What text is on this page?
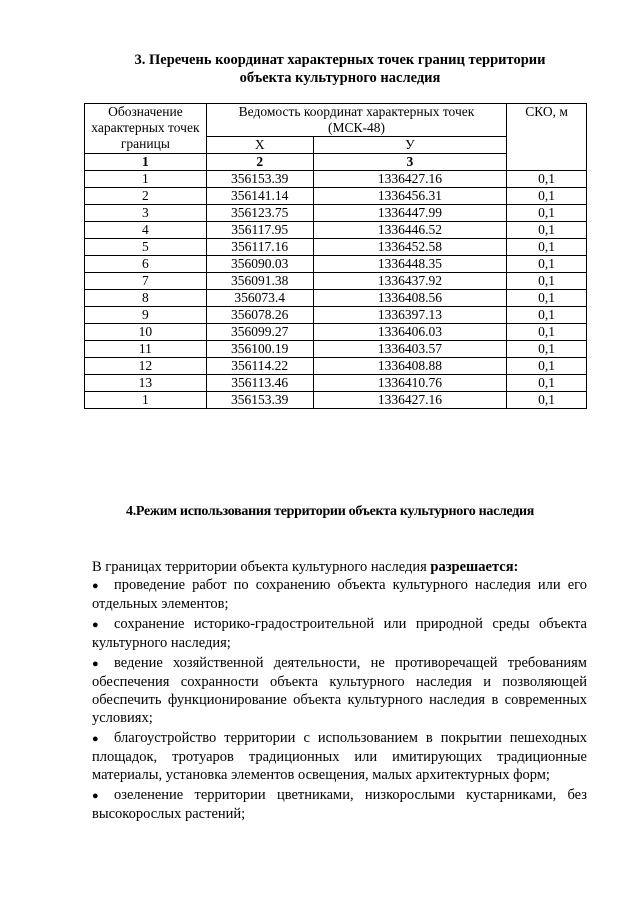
3. Перечень координат характерных точек границ территории
объекта культурного наследия
Обозначение характерных точек границы	Ведомость координат характерных точек (МСК-48)		СКО, м
	Х	У	
1	2	3	
1	356153.39	1336427.16	0,1
2	356141.14	1336456.31	0,1
3	356123.75	1336447.99	0,1
4	356117.95	1336446.52	0,1
5	356117.16	1336452.58	0,1
6	356090.03	1336448.35	0,1
7	356091.38	1336437.92	0,1
8	356073.4	1336408.56	0,1
9	356078.26	1336397.13	0,1
10	356099.27	1336406.03	0,1
11	356100.19	1336403.57	0,1
12	356114.22	1336408.88	0,1
13	356113.46	1336410.76	0,1
1	356153.39	1336427.16	0,1
4.Режим использования территории объекта культурного наследия
В границах территории объекта культурного наследия разрешается:
● проведение работ по сохранению объекта культурного наследия или его отдельных элементов;
● сохранение историко-градостроительной или природной среды объекта культурного наследия;
● ведение хозяйственной деятельности, не противоречащей требованиям обеспечения сохранности объекта культурного наследия и позволяющей обеспечить функционирование объекта культурного наследия в современных условиях;
● благоустройство территории с использованием в покрытии пешеходных площадок, тротуаров традиционных или имитирующих традиционные материалы, установка элементов освещения, малых архитектурных форм;
● озеленение территории цветниками, низкорослыми кустарниками, без высокорослых растений;
